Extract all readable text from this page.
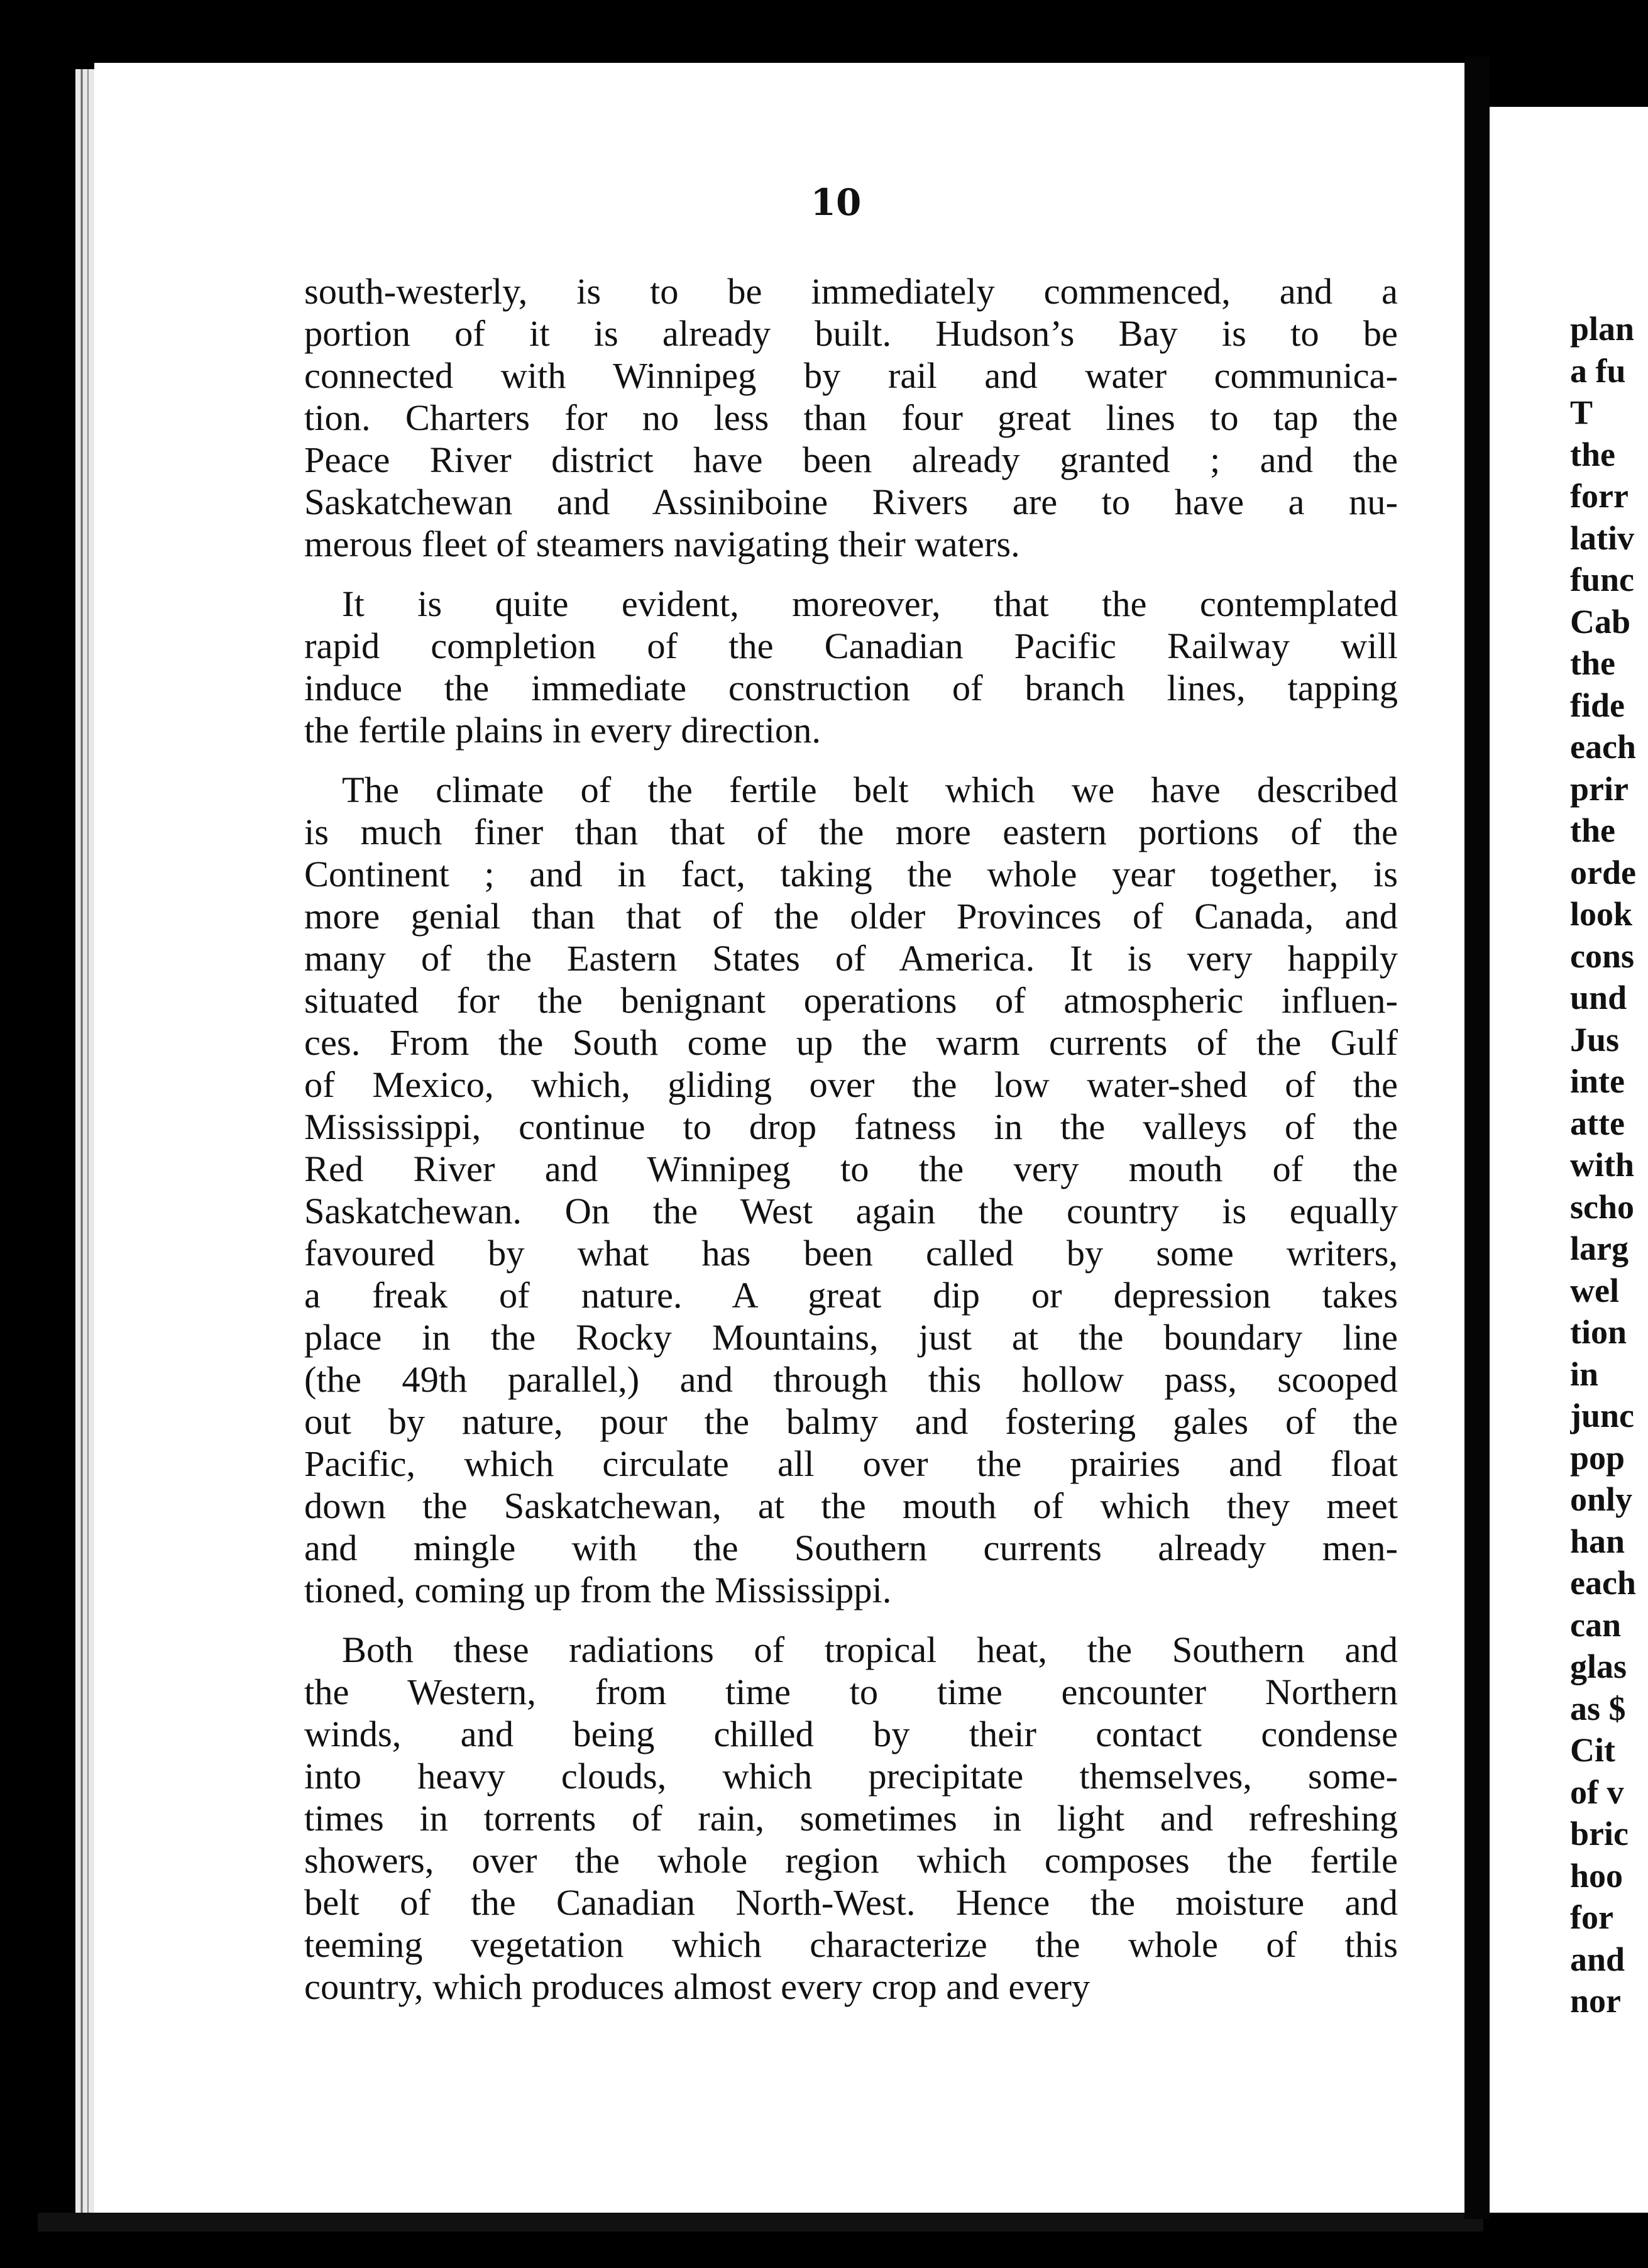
10
south-westerly, is to be immediately commenced, and a
portion of it is already built. Hudson’s Bay is to be
connected with Winnipeg by rail and water communica-
tion. Charters for no less than four great lines to tap the
Peace River district have been already granted ; and the
Saskatchewan and Assiniboine Rivers are to have a nu-
merous fleet of steamers navigating their waters.
It is quite evident, moreover, that the contemplated
rapid completion of the Canadian Pacific Railway will
induce the immediate construction of branch lines, tapping
the fertile plains in every direction.
The climate of the fertile belt which we have described
is much finer than that of the more eastern portions of the
Continent ; and in fact, taking the whole year together, is
more genial than that of the older Provinces of Canada, and
many of the Eastern States of America. It is very happily
situated for the benignant operations of atmospheric influen-
ces. From the South come up the warm currents of the Gulf
of Mexico, which, gliding over the low water-shed of the
Mississippi, continue to drop fatness in the valleys of the
Red River and Winnipeg to the very mouth of the
Saskatchewan. On the West again the country is equally
favoured by what has been called by some writers,
a freak of nature. A great dip or depression takes
place in the Rocky Mountains, just at the boundary line
(the 49th parallel,) and through this hollow pass, scooped
out by nature, pour the balmy and fostering gales of the
Pacific, which circulate all over the prairies and float
down the Saskatchewan, at the mouth of which they meet
and mingle with the Southern currents already men-
tioned, coming up from the Mississippi.
Both these radiations of tropical heat, the Southern and
the Western, from time to time encounter Northern
winds, and being chilled by their contact condense
into heavy clouds, which precipitate themselves, some-
times in torrents of rain, sometimes in light and refreshing
showers, over the whole region which composes the fertile
belt of the Canadian North-West. Hence the moisture and
teeming vegetation which characterize the whole of this
country, which produces almost every crop and every
plan
a fu
T
the
forr
lativ
func
Cab
the
fide
each
prir
the
orde
look
cons
und
Jus
inte
atte
with
scho
larg
wel
tion
in
junc
pop
only
han
each
can
glas
as $
Cit
of v
bric
hoo
for
and
nor
